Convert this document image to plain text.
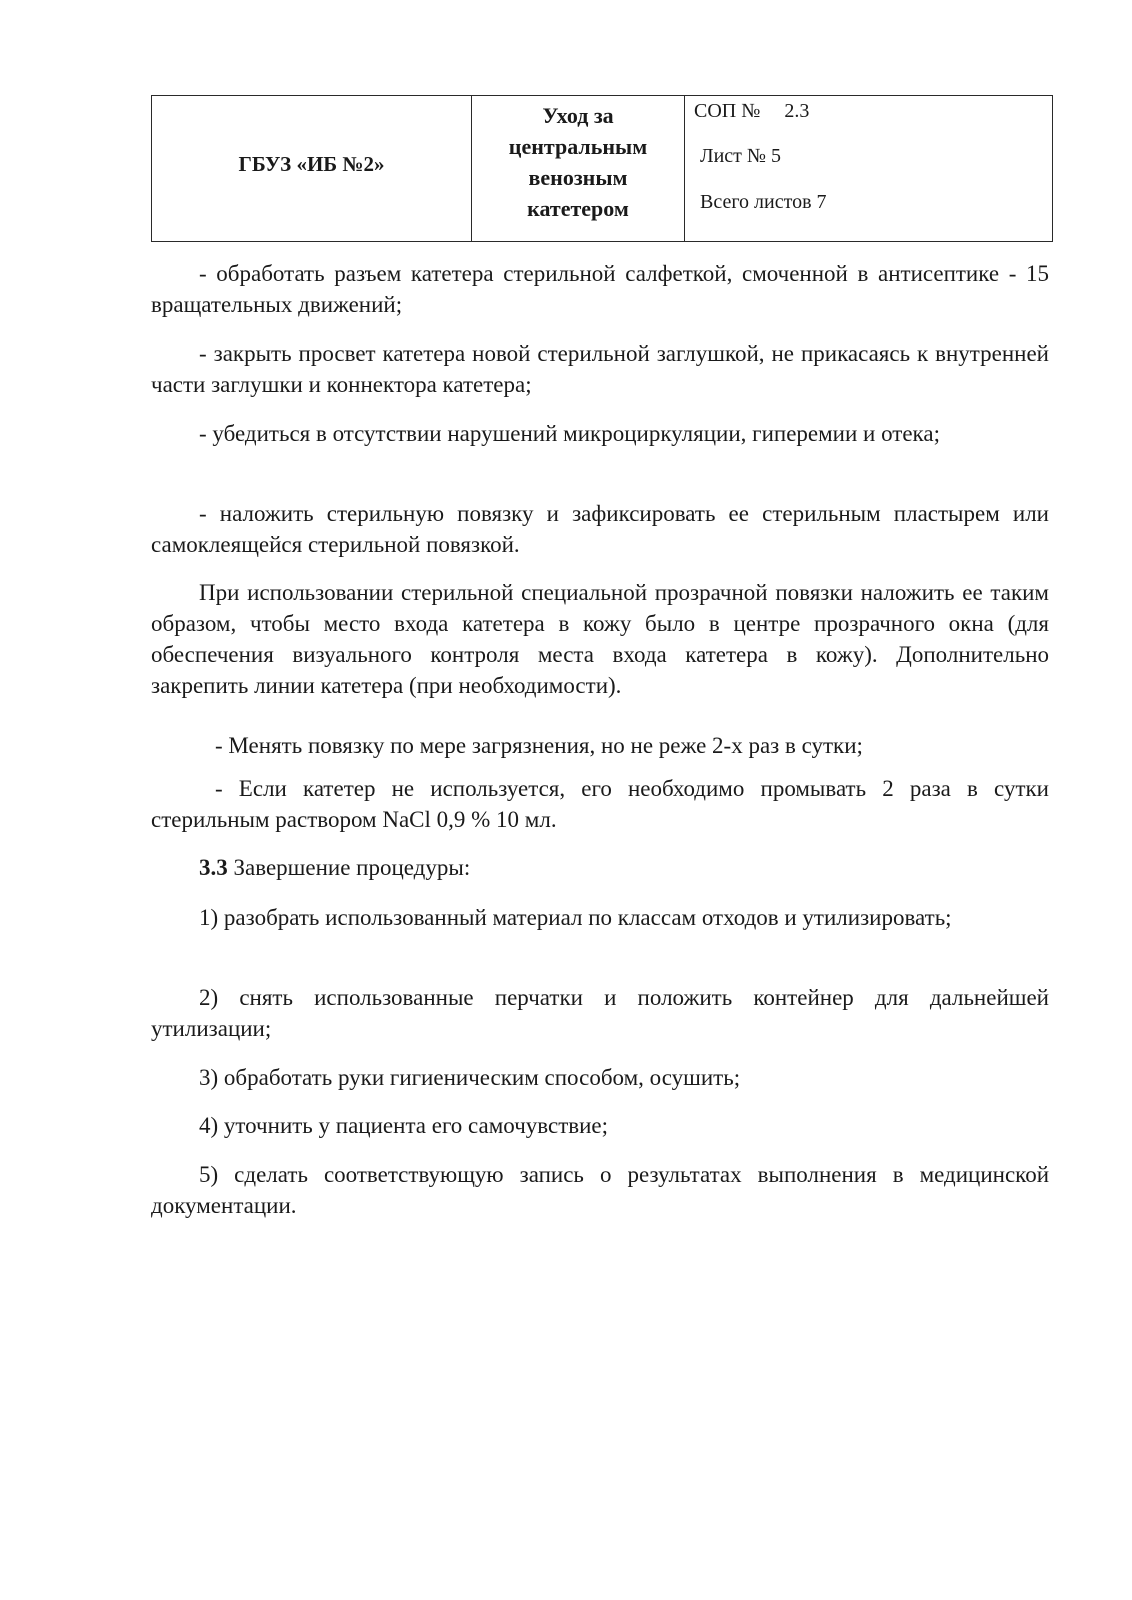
ГБУЗ «ИБ №2»
Уход за
центральным
венозным
катетером
СОП № 2.3
Лист № 5
Всего листов 7

- обработать разъем катетера стерильной салфеткой, смоченной в антисептике - 15 вращательных движений;

- закрыть просвет катетера новой стерильной заглушкой, не прикасаясь к внутренней части заглушки и коннектора катетера;

- убедиться в отсутствии нарушений микроциркуляции, гиперемии и отека;

- наложить стерильную повязку и зафиксировать ее стерильным пластырем или самоклеящейся стерильной повязкой.

При использовании стерильной специальной прозрачной повязки наложить ее таким образом, чтобы место входа катетера в кожу было в центре прозрачного окна (для обеспечения визуального контроля места входа катетера в кожу). Дополнительно закрепить линии катетера (при необходимости).

- Менять повязку по мере загрязнения, но не реже 2-х раз в сутки;

- Если катетер не используется, его необходимо промывать 2 раза в сутки стерильным раствором NaCl 0,9 % 10 мл.

3.3 Завершение процедуры:

1) разобрать использованный материал по классам отходов и утилизировать;

2) снять использованные перчатки и положить контейнер для дальнейшей утилизации;

3) обработать руки гигиеническим способом, осушить;

4) уточнить у пациента его самочувствие;

5) сделать соответствующую запись о результатах выполнения в медицинской документации.
